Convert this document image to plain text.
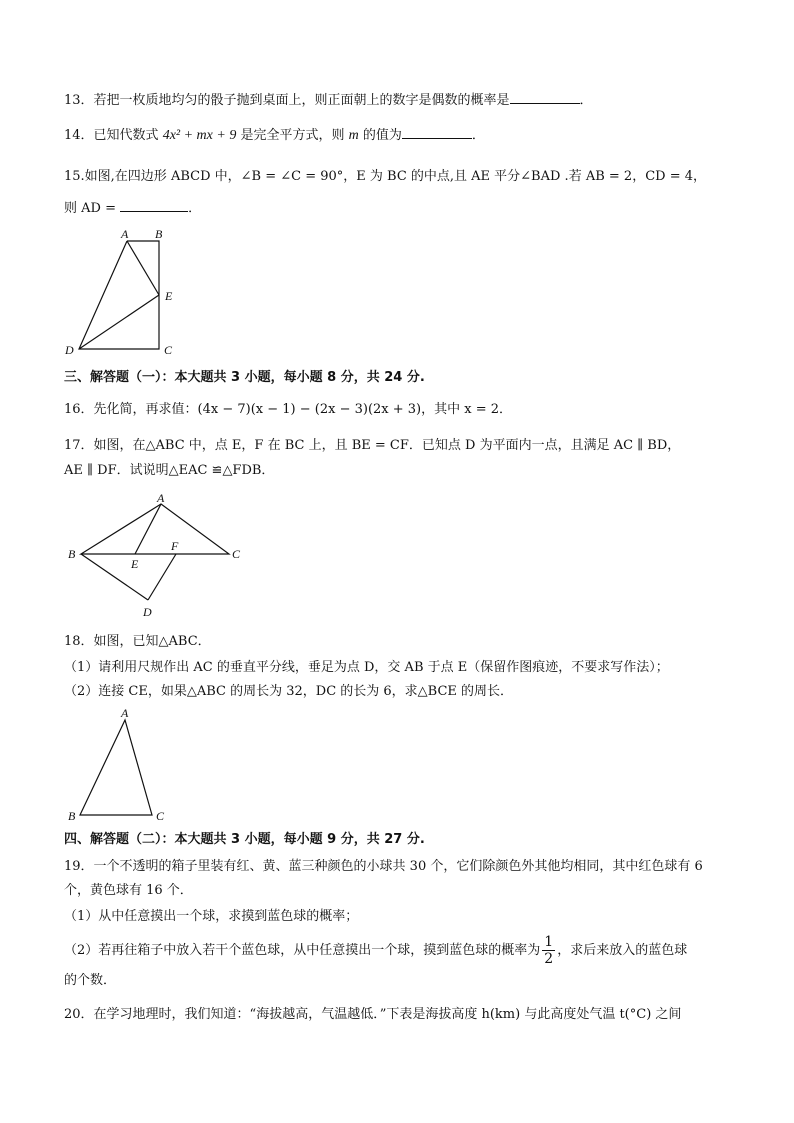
13．若把一枚质地均匀的骰子抛到桌面上，则正面朝上的数字是偶数的概率是	．
14．已知代数式 4x² + mx + 9 是完全平方式，则 m 的值为	．
15.如图,在四边形 ABCD 中，∠B = ∠C = 90°，E 为 BC 的中点,且 AE 平分∠BAD .若 AB = 2，CD = 4，
则 AD =	．
A B
E
D	C
三、解答题（一）：本大题共 3 小题，每小题 8 分，共 24 分.
16．先化简，再求值：(4x − 7)(x − 1) − (2x − 3)(2x + 3)，其中 x = 2．
17．如图，在△ABC 中，点 E，F 在 BC 上，且 BE = CF．已知点 D 为平面内一点，且满足 AC ∥ BD，
AE ∥ DF．试说明△EAC ≌△FDB．
A
B	C
F
E
D
18．如图，已知△ABC．
（1）请利用尺规作出 AC 的垂直平分线，垂足为点 D，交 AB 于点 E（保留作图痕迹，不要求写作法）；
（2）连接 CE，如果△ABC 的周长为 32，DC 的长为 6，求△BCE 的周长．
A
B	C
四、解答题（二）：本大题共 3 小题，每小题 9 分，共 27 分.
19．一个不透明的箱子里装有红、黄、蓝三种颜色的小球共 30 个，它们除颜色外其他均相同，其中红色球有 6
个，黄色球有 16 个．
（1）从中任意摸出一个球，求摸到蓝色球的概率；
（2）若再往箱子中放入若干个蓝色球，从中任意摸出一个球，摸到蓝色球的概率为 $\frac{1}{2}$ ，求后来放入的蓝色球
的个数．
20．在学习地理时，我们知道：“海拔越高，气温越低．”下表是海拔高度 h(km) 与此高度处气温 t(°C) 之间
